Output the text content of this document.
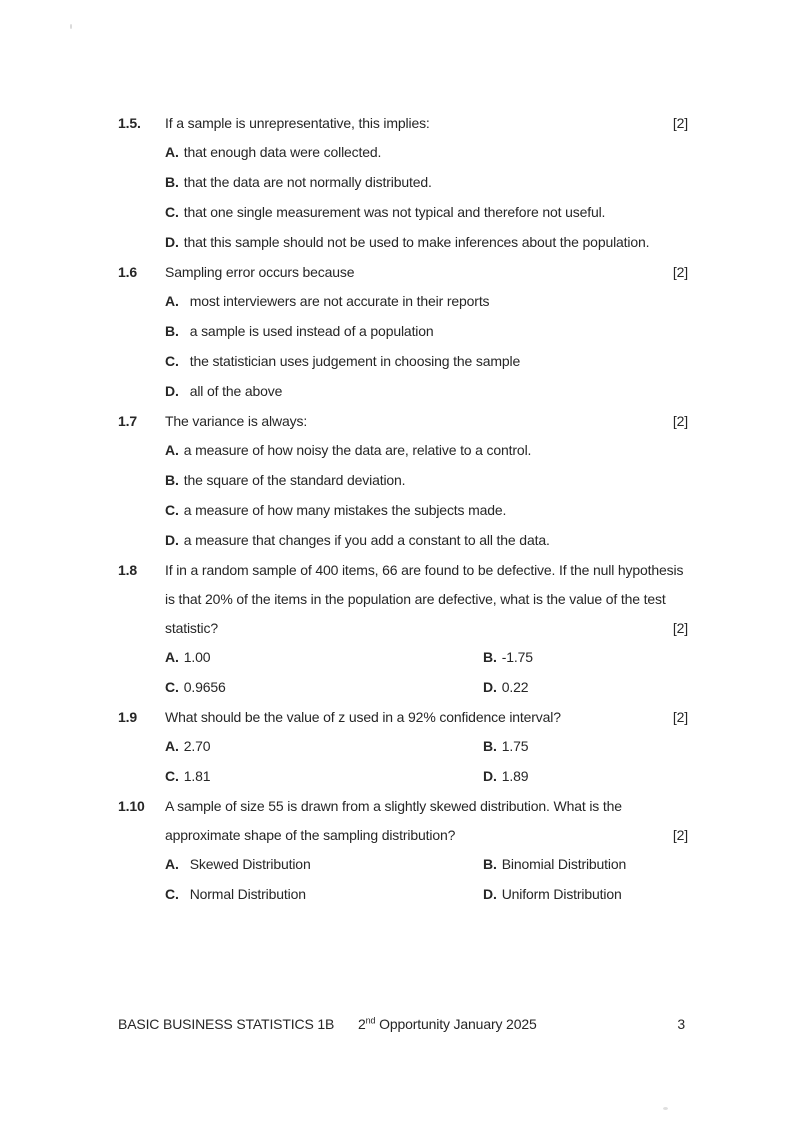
1.5.	If a sample is unrepresentative, this implies:	[2]
A. that enough data were collected.
B. that the data are not normally distributed.
C. that one single measurement was not typical and therefore not useful.
D. that this sample should not be used to make inferences about the population.
1.6	Sampling error occurs because	[2]
A. most interviewers are not accurate in their reports
B. a sample is used instead of a population
C. the statistician uses judgement in choosing the sample
D. all of the above
1.7	The variance is always:	[2]
A. a measure of how noisy the data are, relative to a control.
B. the square of the standard deviation.
C. a measure of how many mistakes the subjects made.
D. a measure that changes if you add a constant to all the data.
1.8	If in a random sample of 400 items, 66 are found to be defective. If the null hypothesis
is that 20% of the items in the population are defective, what is the value of the test
statistic?	[2]
A. 1.00	B. -1.75
C. 0.9656	D. 0.22
1.9	What should be the value of z used in a 92% confidence interval?	[2]
A. 2.70	B. 1.75
C. 1.81	D. 1.89
1.10	A sample of size 55 is drawn from a slightly skewed distribution. What is the
approximate shape of the sampling distribution?	[2]
A. Skewed Distribution	B. Binomial Distribution
C. Normal Distribution	D. Uniform Distribution
BASIC BUSINESS STATISTICS 1B 2nd Opportunity January 2025	3
